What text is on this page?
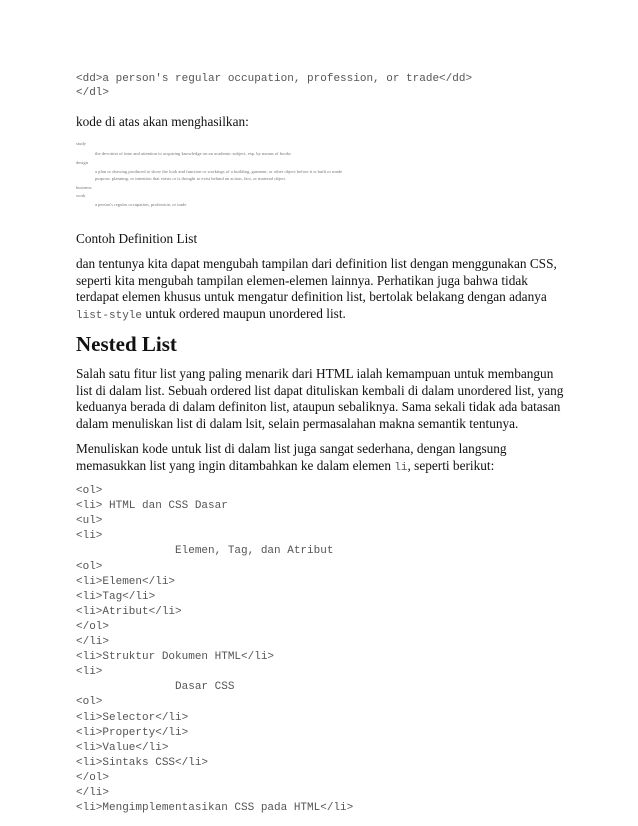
<dd>a person's regular occupation, profession, or trade</dd>
</dl>

kode di atas akan menghasilkan:

study
the devotion of time and attention to acquiring knowledge on an academic subject, esp. by means of books
design
a plan or drawing produced to show the look and function or workings of a building, garment, or other object before it is built or made
purpose, planning, or intention that exists or is thought to exist behind an action, fact, or material object
business
work
a person's regular occupation, profession, or trade

Contoh Definition List

dan tentunya kita dapat mengubah tampilan dari definition list dengan menggunakan CSS, seperti kita mengubah tampilan elemen-elemen lainnya. Perhatikan juga bahwa tidak terdapat elemen khusus untuk mengatur definition list, bertolak belakang dengan adanya list-style untuk ordered maupun unordered list.

Nested List

Salah satu fitur list yang paling menarik dari HTML ialah kemampuan untuk membangun list di dalam list. Sebuah ordered list dapat dituliskan kembali di dalam unordered list, yang keduanya berada di dalam definiton list, ataupun sebaliknya. Sama sekali tidak ada batasan dalam menuliskan list di dalam lsit, selain permasalahan makna semantik tentunya.

Menuliskan kode untuk list di dalam list juga sangat sederhana, dengan langsung memasukkan list yang ingin ditambahkan ke dalam elemen li, seperti berikut:

<ol>
<li> HTML dan CSS Dasar
<ul>
<li>
Elemen, Tag, dan Atribut
<ol>
<li>Elemen</li>
<li>Tag</li>
<li>Atribut</li>
</ol>
</li>
<li>Struktur Dokumen HTML</li>
<li>
Dasar CSS
<ol>
<li>Selector</li>
<li>Property</li>
<li>Value</li>
<li>Sintaks CSS</li>
</ol>
</li>
<li>Mengimplementasikan CSS pada HTML</li>
